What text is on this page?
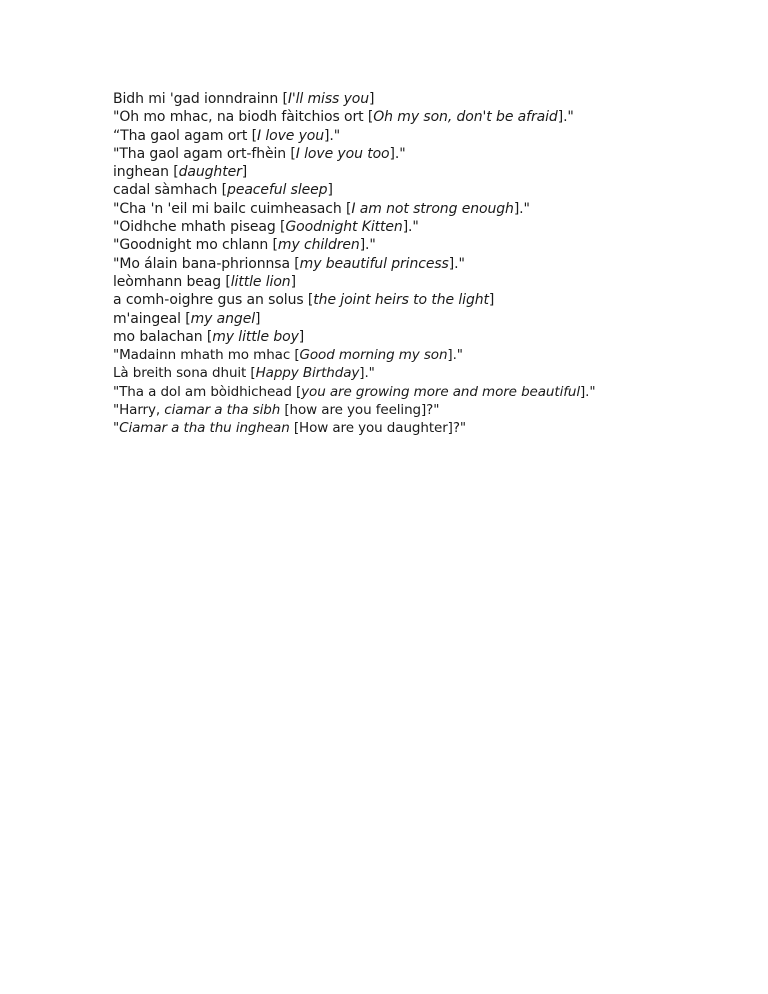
Bidh mi 'gad ionndrainn [I'll miss you]
"Oh mo mhac, na biodh fàitchios ort [Oh my son, don't be afraid]."
“Tha gaol agam ort [I love you]."
"Tha gaol agam ort-fhèin [I love you too]."
inghean [daughter]
cadal sàmhach [peaceful sleep]
"Cha 'n 'eil mi bailc cuimheasach [I am not strong enough]."
"Oidhche mhath piseag [Goodnight Kitten]."
"Goodnight mo chlann [my children]."
"Mo álain bana-phrionnsa [my beautiful princess]."
leòmhann beag [little lion]
a comh-oighre gus an solus [the joint heirs to the light]
m'aingeal [my angel]
mo balachan [my little boy]
"Madainn mhath mo mhac [Good morning my son]."
Là breith sona dhuit [Happy Birthday]."
"Tha a dol am bòidhichead [you are growing more and more beautiful]."
"Harry, ciamar a tha sibh [how are you feeling]?"
"Ciamar a tha thu inghean [How are you daughter]?"
